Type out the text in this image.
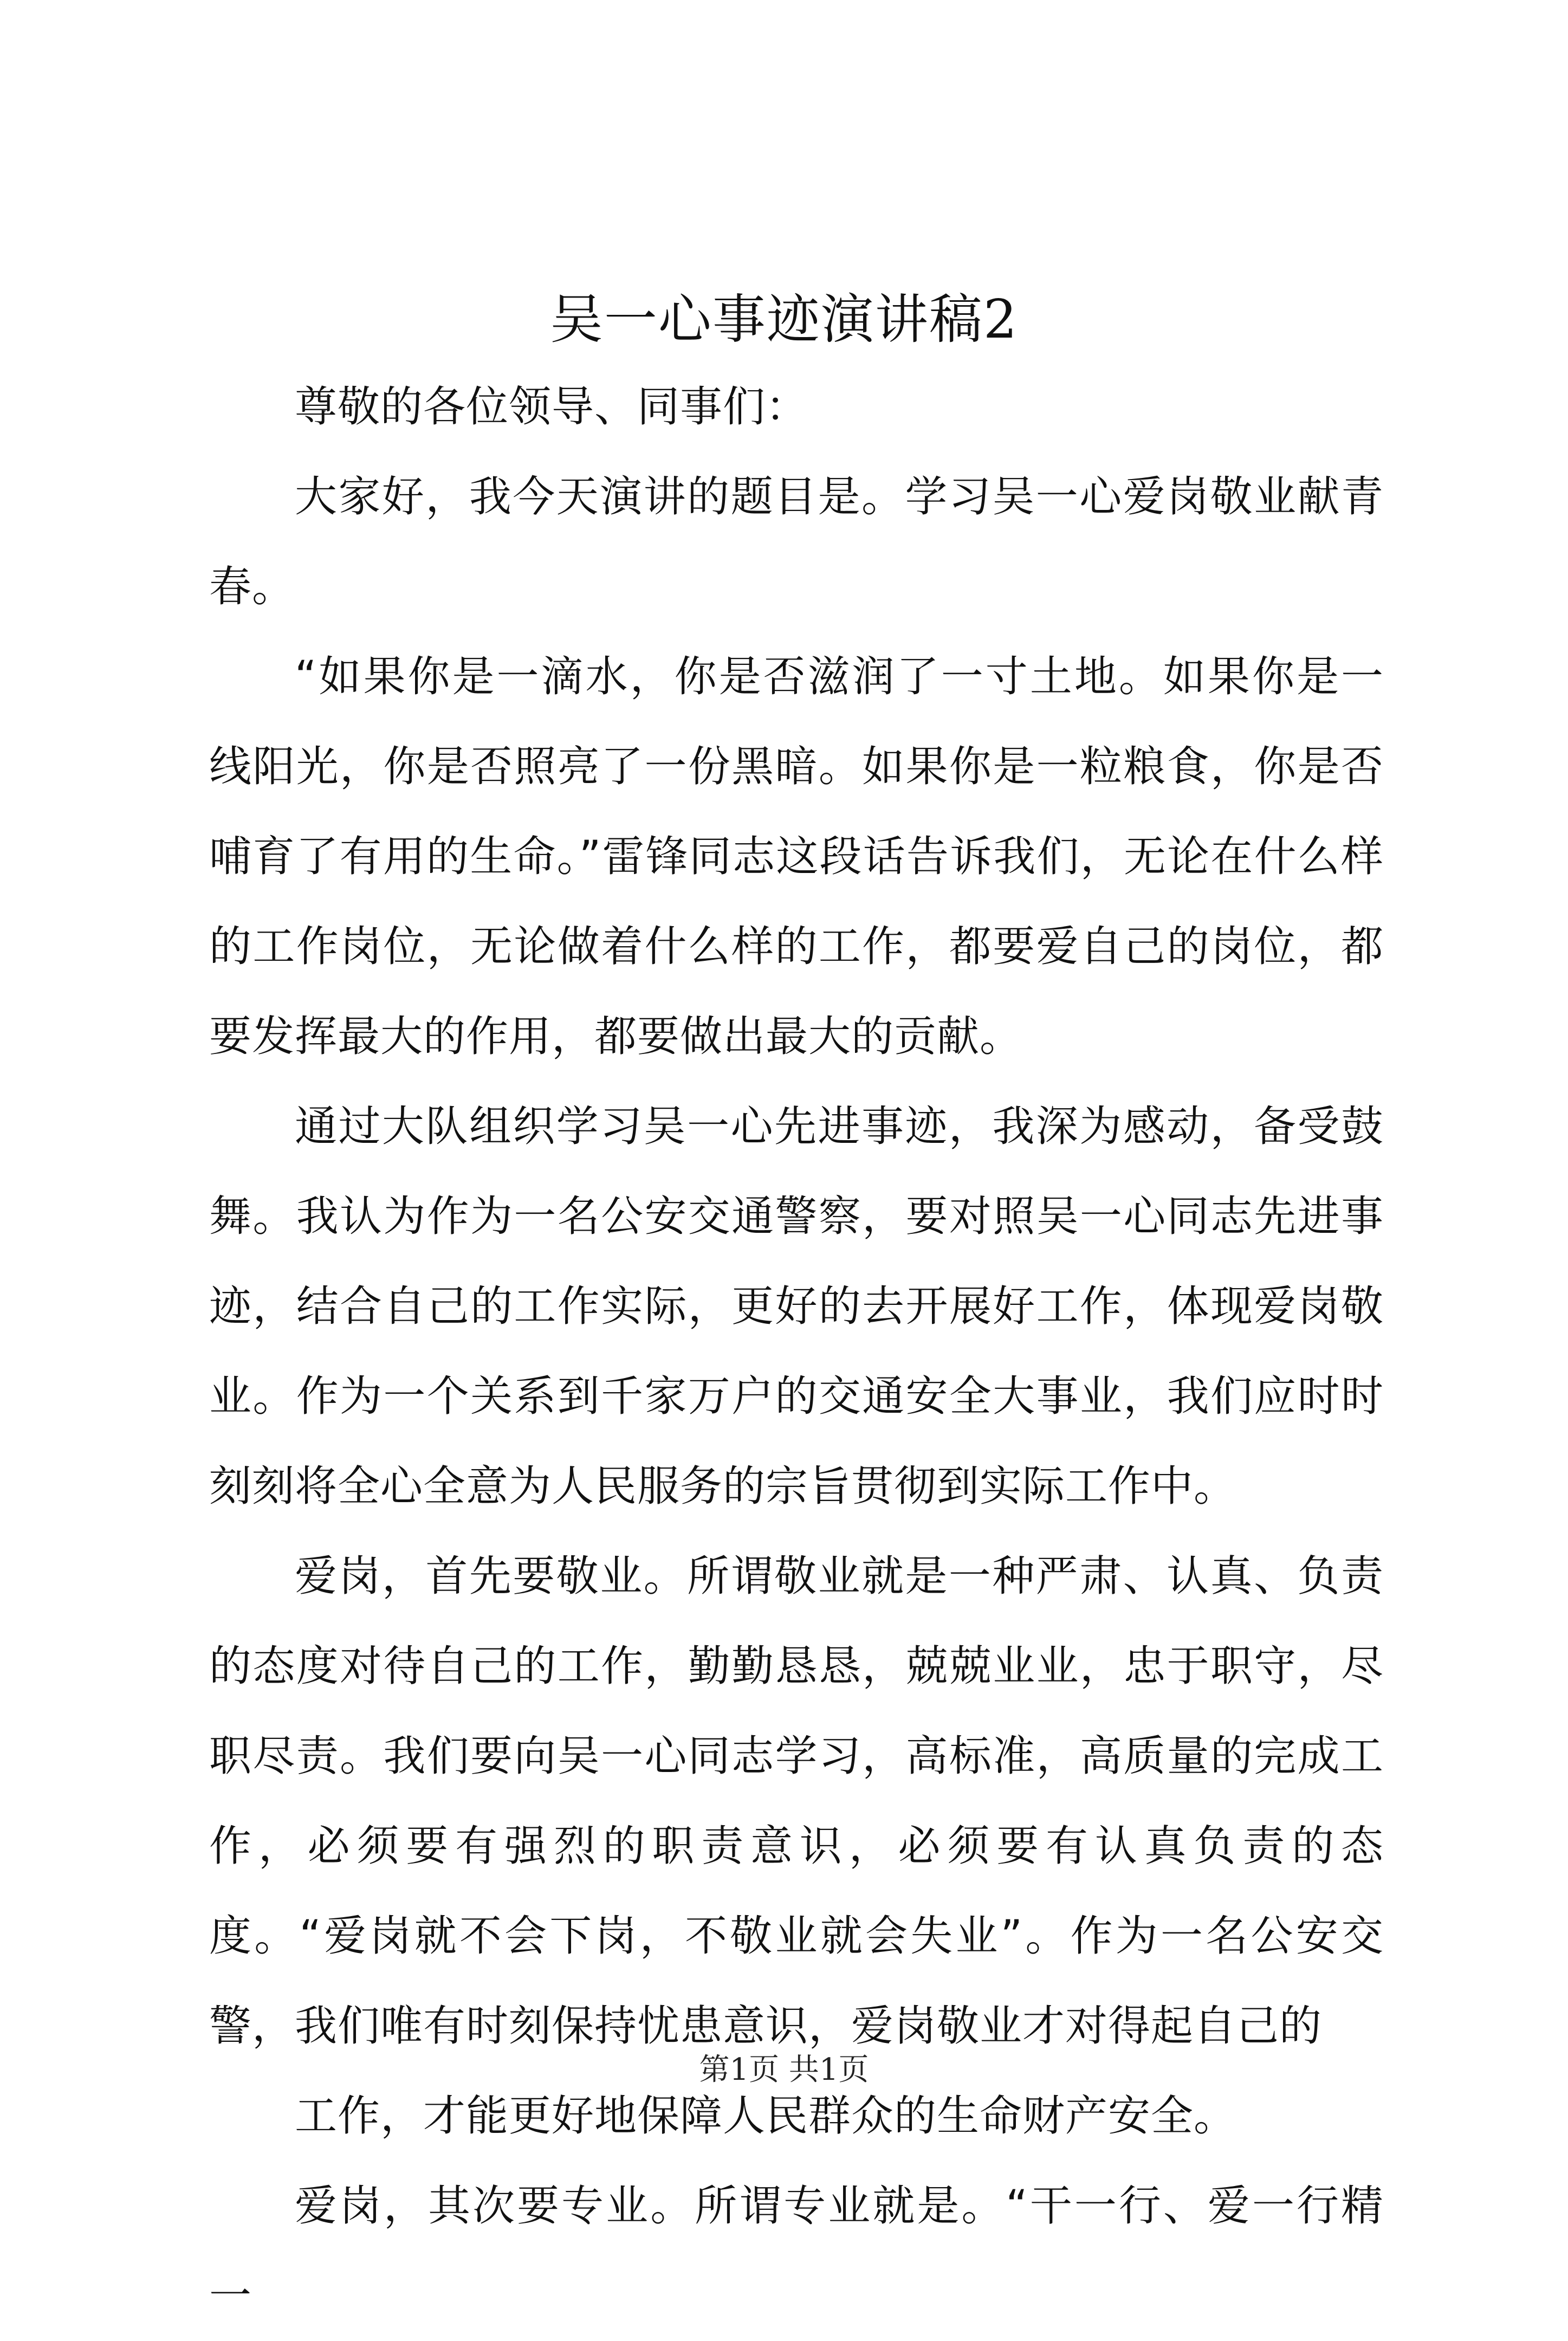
吴一心事迹演讲稿2

尊敬的各位领导、同事们：

大家好，我今天演讲的题目是。学习吴一心爱岗敬业献青春。

“如果你是一滴水，你是否滋润了一寸土地。如果你是一线阳光，你是否照亮了一份黑暗。如果你是一粒粮食，你是否哺育了有用的生命。”雷锋同志这段话告诉我们，无论在什么样的工作岗位，无论做着什么样的工作，都要爱自己的岗位，都要发挥最大的作用，都要做出最大的贡献。

通过大队组织学习吴一心先进事迹，我深为感动，备受鼓舞。我认为作为一名公安交通警察，要对照吴一心同志先进事迹，结合自己的工作实际，更好的去开展好工作，体现爱岗敬业。作为一个关系到千家万户的交通安全大事业，我们应时时刻刻将全心全意为人民服务的宗旨贯彻到实际工作中。

爱岗，首先要敬业。所谓敬业就是一种严肃、认真、负责的态度对待自己的工作，勤勤恳恳，兢兢业业，忠于职守，尽职尽责。我们要向吴一心同志学习，高标准，高质量的完成工作，必须要有强烈的职责意识，必须要有认真负责的态度。“爱岗就不会下岗，不敬业就会失业”。作为一名公安交警，我们唯有时刻保持忧患意识，爱岗敬业才对得起自己的

工作，才能更好地保障人民群众的生命财产安全。

爱岗，其次要专业。所谓专业就是。“干一行、爱一行精一

第1页 共1页
